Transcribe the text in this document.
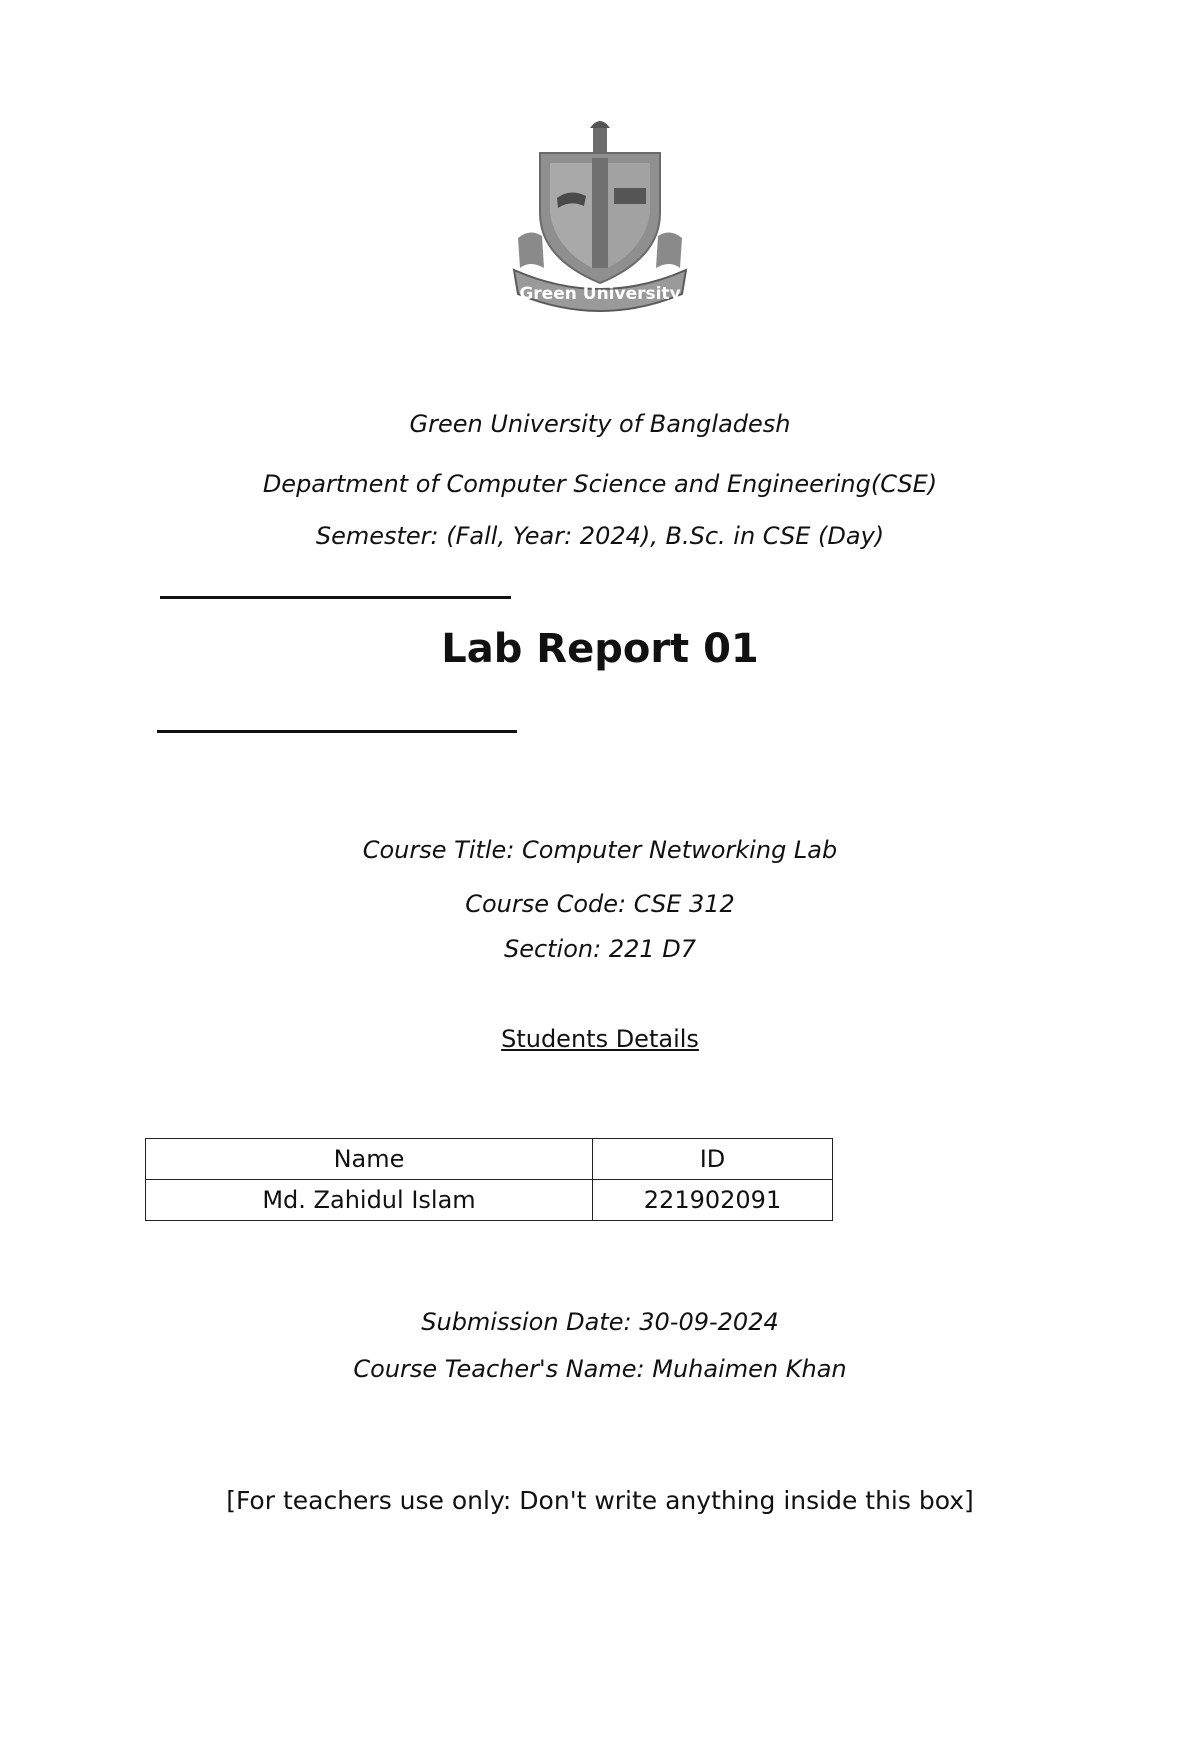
Green University
Green University of Bangladesh
Department of Computer Science and Engineering(CSE)
Semester: (Fall, Year: 2024), B.Sc. in CSE (Day)
Lab Report 01
Course Title: Computer Networking Lab
Course Code: CSE 312
Section: 221 D7
Students Details
Name	ID
Md. Zahidul Islam	221902091
Submission Date: 30-09-2024
Course Teacher's Name: Muhaimen Khan
[For teachers use only: Don't write anything inside this box]
